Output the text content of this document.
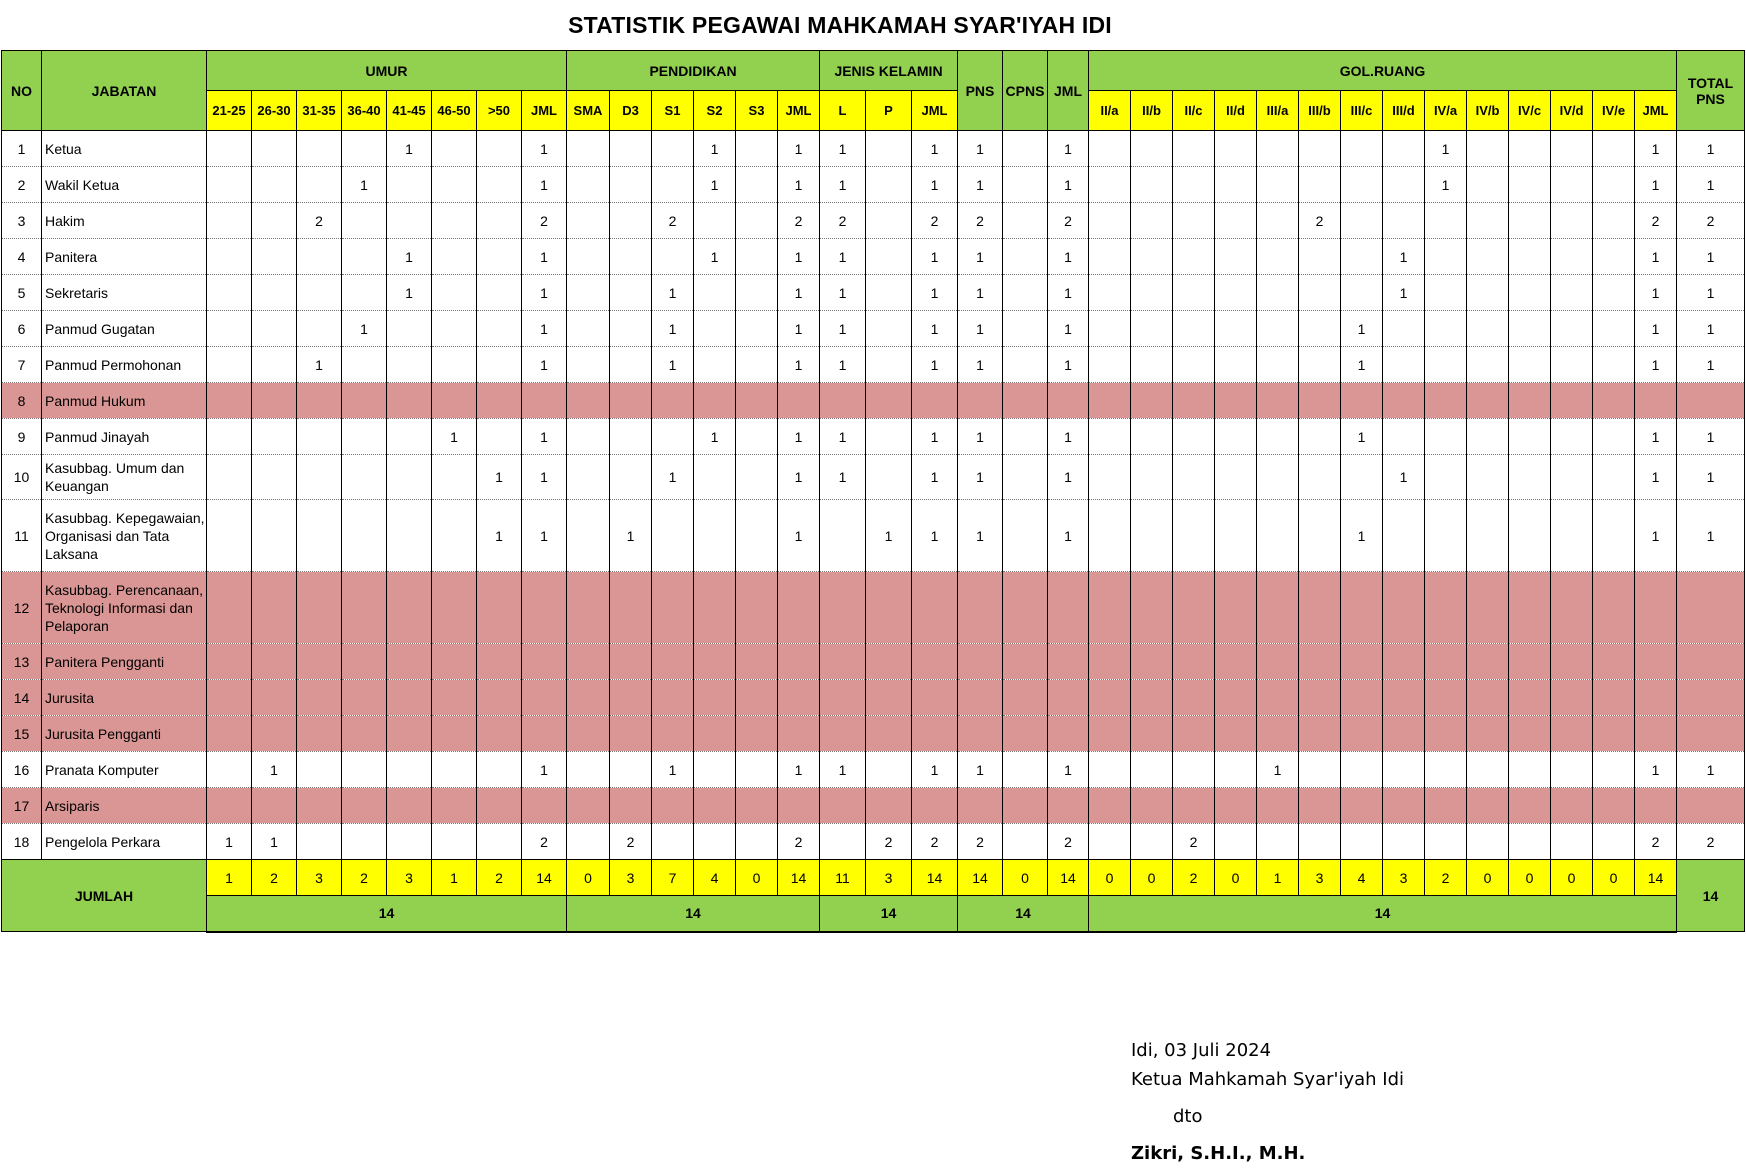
STATISTIK PEGAWAI MAHKAMAH SYAR'IYAH IDI
NO	JABATAN	UMUR								PENDIDIKAN						JENIS KELAMIN			PNS	CPNS	JML	GOL.RUANG														TOTAL PNS
		21-25	26-30	31-35	36-40	41-45	46-50	>50	JML	SMA	D3	S1	S2	S3	JML	L	P	JML				II/a	II/b	II/c	II/d	III/a	III/b	III/c	III/d	IV/a	IV/b	IV/c	IV/d	IV/e	JML	
1	Ketua					1			1				1		1	1		1	1		1									1					1	1
2	Wakil Ketua				1				1				1		1	1		1	1		1									1					1	1
3	Hakim			2					2			2			2	2		2	2		2						2								2	2
4	Panitera					1			1				1		1	1		1	1		1								1						1	1
5	Sekretaris					1			1			1			1	1		1	1		1								1						1	1
6	Panmud Gugatan				1				1			1			1	1		1	1		1							1							1	1
7	Panmud Permohonan			1					1			1			1	1		1	1		1							1							1	1
8	Panmud Hukum																																			
9	Panmud Jinayah						1		1				1		1	1		1	1		1							1							1	1
10	Kasubbag. Umum dan Keuangan							1	1			1			1	1		1	1		1								1						1	1
11	Kasubbag. Kepegawaian, Organisasi dan Tata Laksana							1	1		1				1		1	1	1		1							1							1	1
12	Kasubbag. Perencanaan, Teknologi Informasi dan Pelaporan																																			
13	Panitera Pengganti																																			
14	Jurusita																																			
15	Jurusita Pengganti																																			
16	Pranata Komputer		1						1			1			1	1		1	1		1					1									1	1
17	Arsiparis																																			
18	Pengelola Perkara	1	1						2		2				2		2	2	2		2			2											2	2
JUMLAH		1	2	3	2	3	1	2	14	0	3	7	4	0	14	11	3	14	14	0	14	0	0	2	0	1	3	4	3	2	0	0	0	0	14	14
		14								14						14			14			14														
Idi, 03 Juli 2024
Ketua Mahkamah Syar'iyah Idi
dto
Zikri, S.H.I., M.H.
